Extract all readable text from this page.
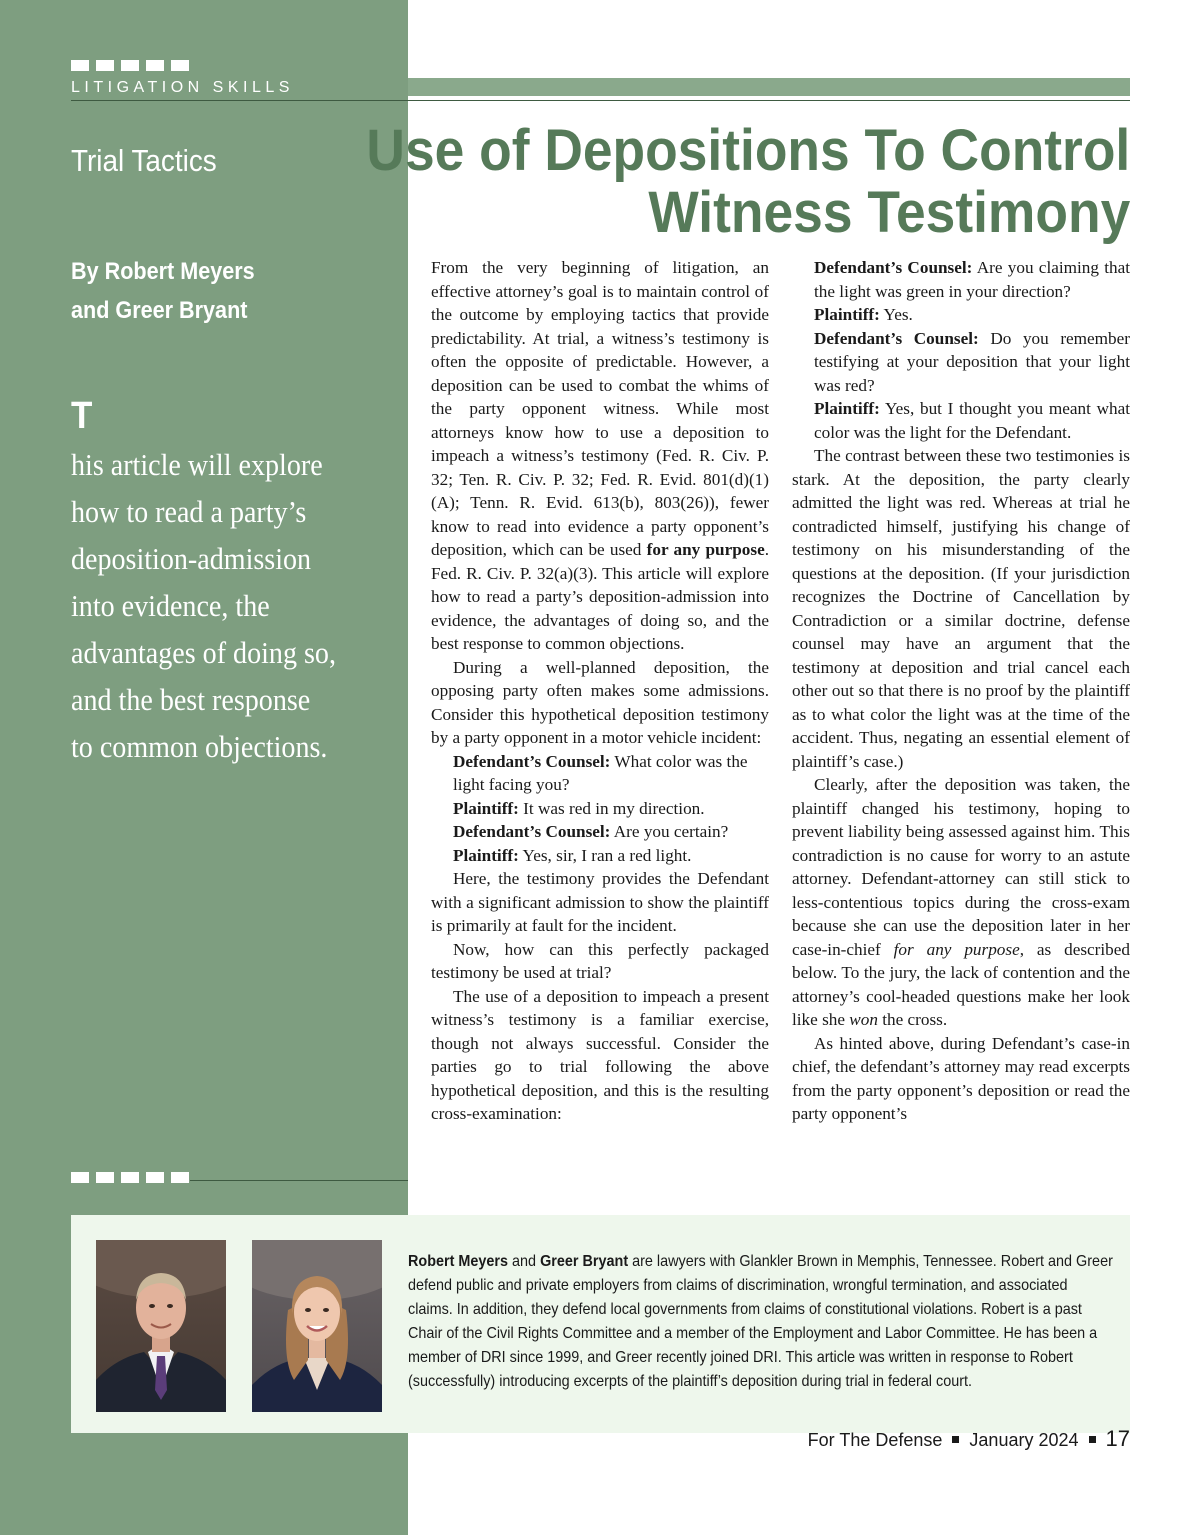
LITIGATION SKILLS
Trial Tactics
By Robert Meyers
and Greer Bryant
T
his article will explore
how to read a party’s
deposition-admission
into evidence, the
advantages of doing so,
and the best response
to common objections.
Use of Depositions To Control
Witness Testimony

From the very beginning of litigation, an effective attorney’s goal is to maintain control of the outcome by employing tactics that provide predictability. At trial, a witness’s testimony is often the opposite of predictable. However, a deposition can be used to combat the whims of the party opponent witness. While most attorneys know how to use a deposition to impeach a witness’s testimony (Fed. R. Civ. P. 32; Ten. R. Civ. P. 32; Fed. R. Evid. 801(d)(1)(A); Tenn. R. Evid. 613(b), 803(26)), fewer know to read into evidence a party opponent’s deposition, which can be used for any purpose. Fed. R. Civ. P. 32(a)(3). This article will explore how to read a party’s deposition-admission into evidence, the advantages of doing so, and the best response to common objections.

During a well-planned deposition, the opposing party often makes some admissions. Consider this hypothetical deposition testimony by a party opponent in a motor vehicle incident:

Defendant’s Counsel: What color was the light facing you?

Plaintiff: It was red in my direction.

Defendant’s Counsel: Are you certain?

Plaintiff: Yes, sir, I ran a red light.

Here, the testimony provides the Defendant with a significant admission to show the plaintiff is primarily at fault for the incident.

Now, how can this perfectly packaged testimony be used at trial?

The use of a deposition to impeach a present witness’s testimony is a familiar exercise, though not always successful. Consider the parties go to trial following the above hypothetical deposition, and this is the resulting cross-examination:

Defendant’s Counsel: Are you claiming that the light was green in your direction?

Plaintiff: Yes.

Defendant’s Counsel: Do you remember testifying at your deposition that your light was red?

Plaintiff: Yes, but I thought you meant what color was the light for the Defendant.

The contrast between these two testimonies is stark. At the deposition, the party clearly admitted the light was red. Whereas at trial he contradicted himself, justifying his change of testimony on his misunderstanding of the questions at the deposition. (If your jurisdiction recognizes the Doctrine of Cancellation by Contradiction or a similar doctrine, defense counsel may have an argument that the testimony at deposition and trial cancel each other out so that there is no proof by the plaintiff as to what color the light was at the time of the accident. Thus, negating an essential element of plaintiff’s case.)

Clearly, after the deposition was taken, the plaintiff changed his testimony, hoping to prevent liability being assessed against him. This contradiction is no cause for worry to an astute attorney. Defendant-attorney can still stick to less-contentious topics during the cross-exam because she can use the deposition later in her case-in-chief for any purpose, as described below. To the jury, the lack of contention and the attorney’s cool-headed questions make her look like she won the cross.

As hinted above, during Defendant’s case-in chief, the defendant’s attorney may read excerpts from the party opponent’s deposition or read the party opponent’s

Robert Meyers and Greer Bryant are lawyers with Glankler Brown in Memphis, Tennessee. Robert and Greer defend public and private employers from claims of discrimination, wrongful termination, and associated claims. In addition, they defend local governments from claims of constitutional violations. Robert is a past Chair of the Civil Rights Committee and a member of the Employment and Labor Committee. He has been a member of DRI since 1999, and Greer recently joined DRI. This article was written in response to Robert (successfully) introducing excerpts of the plaintiff’s deposition during trial in federal court.
For The Defense January 2024 17
